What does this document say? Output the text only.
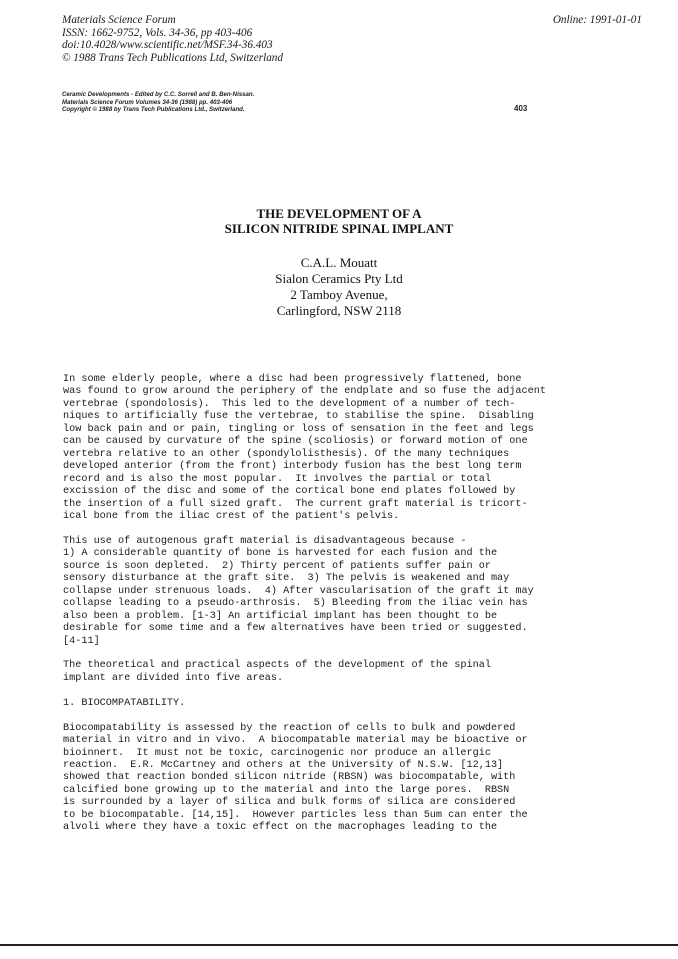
Materials Science Forum
ISSN: 1662-9752, Vols. 34-36, pp 403-406
doi:10.4028/www.scientific.net/MSF.34-36.403
© 1988 Trans Tech Publications Ltd, Switzerland
Online: 1991-01-01
Ceramic Developments - Edited by C.C. Sorrell and B. Ben-Nissan.
Materials Science Forum Volumes 34-36 (1988) pp. 403-406
Copyright © 1988 by Trans Tech Publications Ltd., Switzerland.	403
THE DEVELOPMENT OF A
SILICON NITRIDE SPINAL IMPLANT
C.A.L. Mouatt
Sialon Ceramics Pty Ltd
2 Tamboy Avenue,
Carlingford, NSW 2118
In some elderly people, where a disc had been progressively flattened, bone
was found to grow around the periphery of the endplate and so fuse the adjacent
vertebrae (spondolosis).  This led to the development of a number of tech-
niques to artificially fuse the vertebrae, to stabilise the spine.  Disabling
low back pain and or pain, tingling or loss of sensation in the feet and legs
can be caused by curvature of the spine (scoliosis) or forward motion of one
vertebra relative to an other (spondylolisthesis). Of the many techniques
developed anterior (from the front) interbody fusion has the best long term
record and is also the most popular.  It involves the partial or total
excission of the disc and some of the cortical bone end plates followed by
the insertion of a full sized graft.  The current graft material is tricort-
ical bone from the iliac crest of the patient's pelvis.
This use of autogenous graft material is disadvantageous because -
1) A considerable quantity of bone is harvested for each fusion and the
source is soon depleted.  2) Thirty percent of patients suffer pain or
sensory disturbance at the graft site.  3) The pelvis is weakened and may
collapse under strenuous loads.  4) After vascularisation of the graft it may
collapse leading to a pseudo-arthrosis.  5) Bleeding from the iliac vein has
also been a problem. [1-3] An artificial implant has been thought to be
desirable for some time and a few alternatives have been tried or suggested.
[4-11]
The theoretical and practical aspects of the development of the spinal
implant are divided into five areas.
1. BIOCOMPATABILITY.
Biocompatability is assessed by the reaction of cells to bulk and powdered
material in vitro and in vivo.  A biocompatable material may be bioactive or
bioinnert.  It must not be toxic, carcinogenic nor produce an allergic
reaction.  E.R. McCartney and others at the University of N.S.W. [12,13]
showed that reaction bonded silicon nitride (RBSN) was biocompatable, with
calcified bone growing up to the material and into the large pores.  RBSN
is surrounded by a layer of silica and bulk forms of silica are considered
to be biocompatable. [14,15].  However particles less than 5um can enter the
alvoli where they have a toxic effect on the macrophages leading to the
